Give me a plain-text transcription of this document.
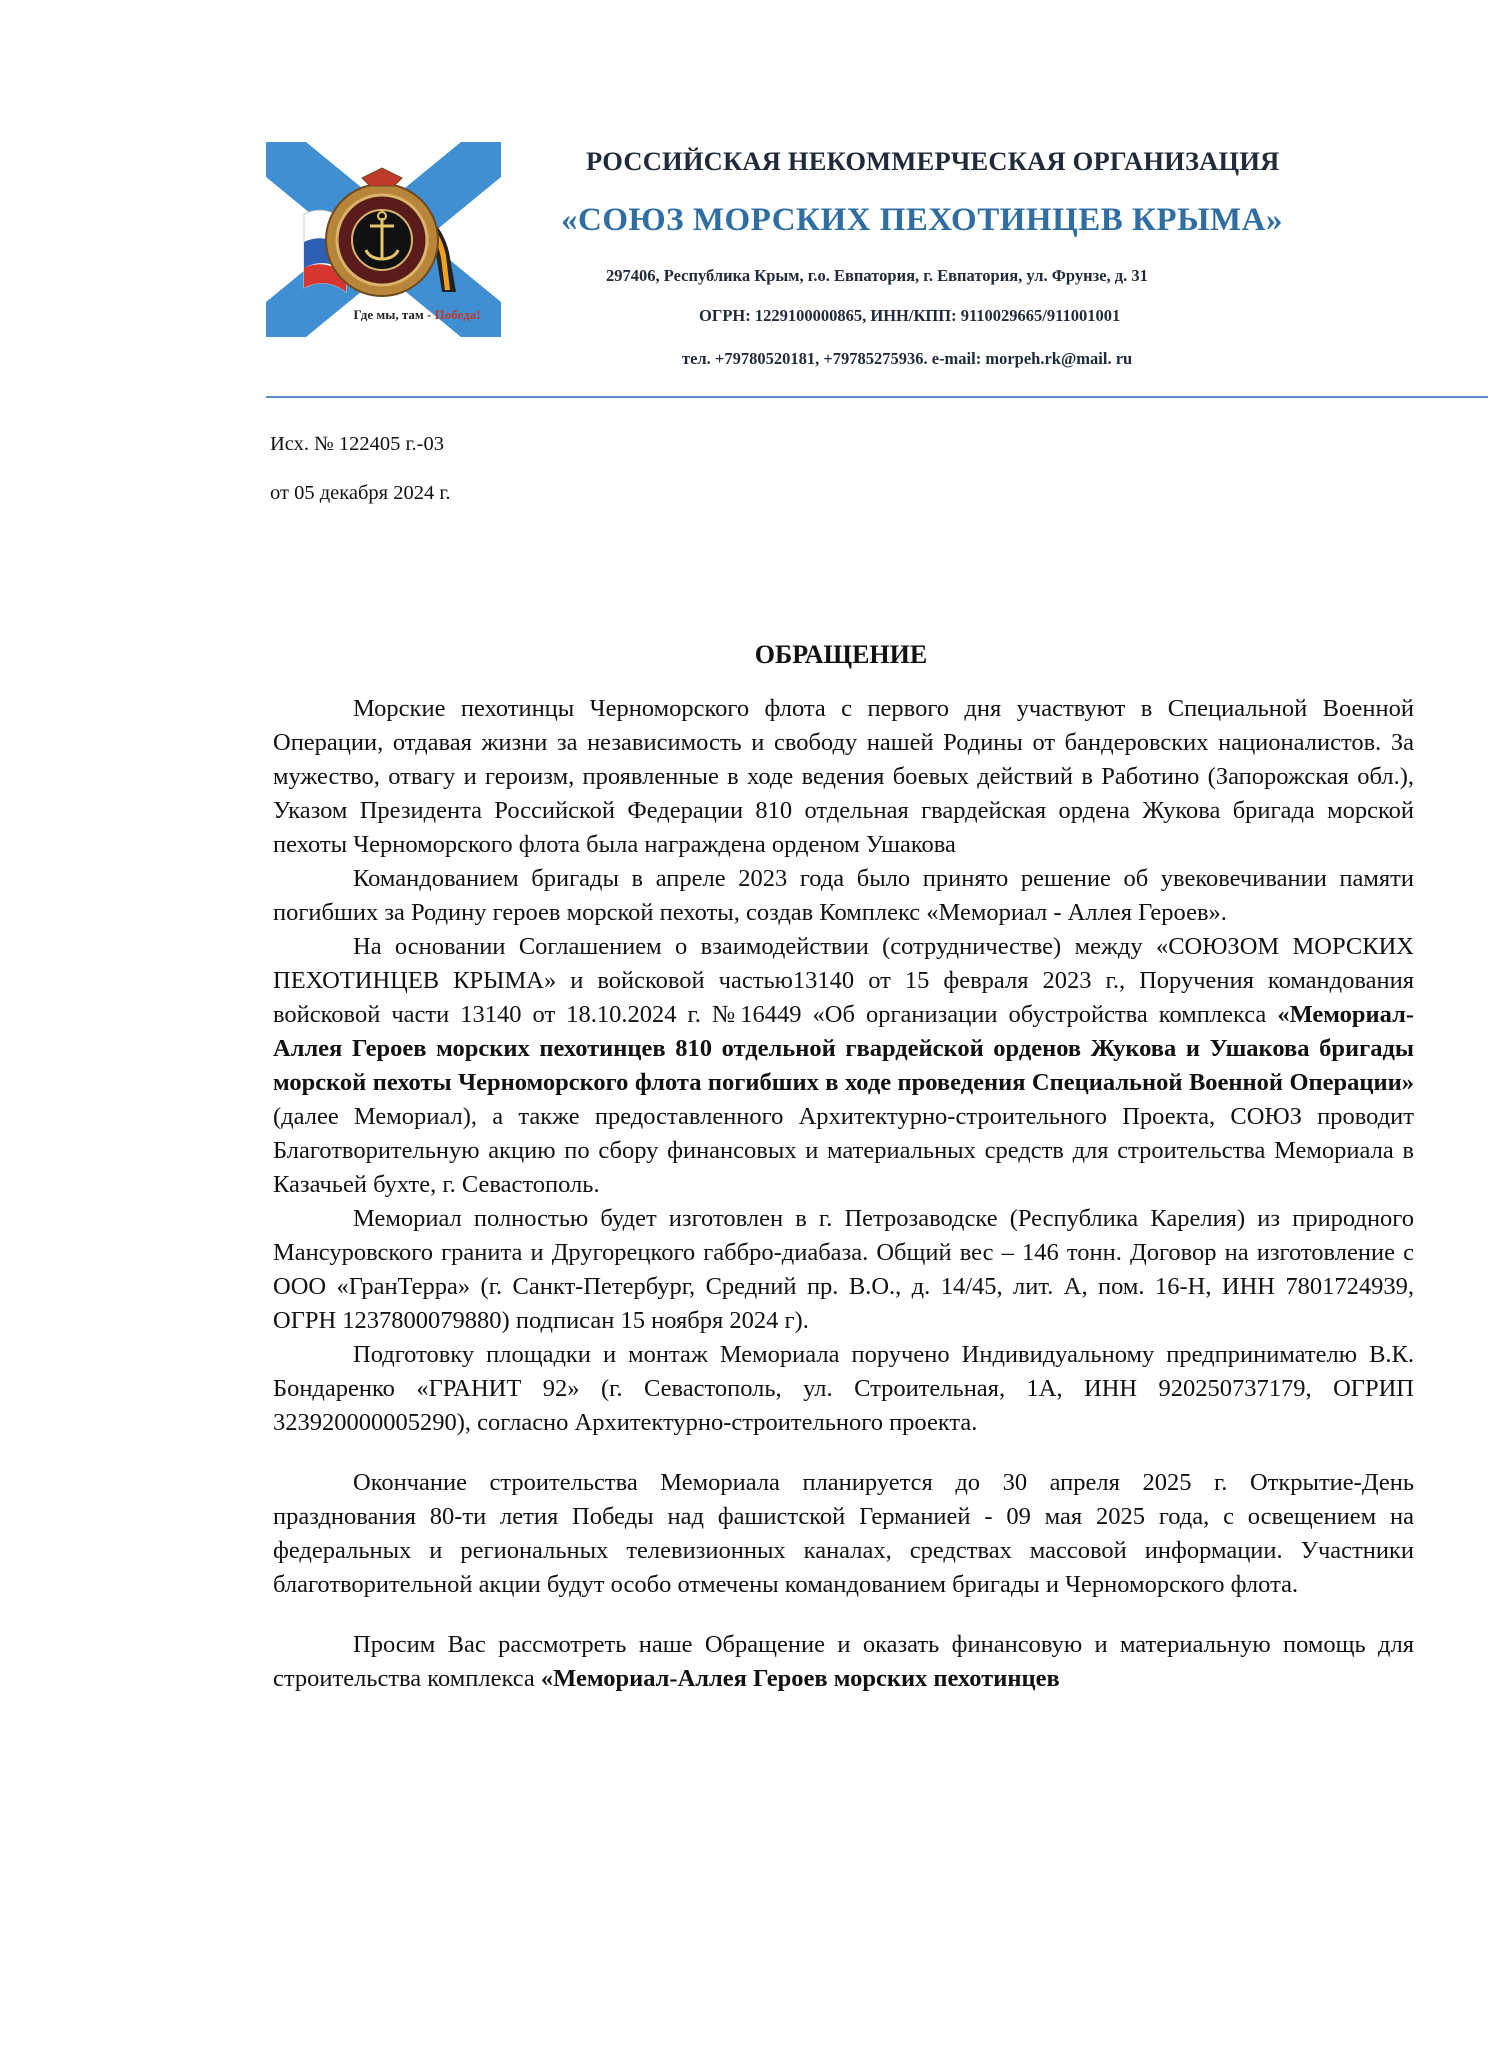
Где мы, там - Победа!
РОССИЙСКАЯ НЕКОММЕРЧЕСКАЯ ОРГАНИЗАЦИЯ
«СОЮЗ МОРСКИХ ПЕХОТИНЦЕВ КРЫМА»
297406, Республика Крым, г.о. Евпатория, г. Евпатория, ул. Фрунзе, д. 31
ОГРН: 1229100000865, ИНН/КПП: 9110029665/911001001
тел. +79780520181, +79785275936. e-mail: morpeh.rk@mail. ru
Исх. № 122405 г.-03
от 05 декабря 2024 г.
ОБРАЩЕНИЕ

Морские пехотинцы Черноморского флота с первого дня участвуют в Специальной Военной Операции, отдавая жизни за независимость и свободу нашей Родины от бандеровских националистов. За мужество, отвагу и героизм, проявленные в ходе ведения боевых действий в Работино (Запорожская обл.), Указом Президента Российской Федерации 810 отдельная гвардейская ордена Жукова бригада морской пехоты Черноморского флота была награждена орденом Ушакова

Командованием бригады в апреле 2023 года было принято решение об увековечивании памяти погибших за Родину героев морской пехоты, создав Комплекс «Мемориал - Аллея Героев».

На основании Соглашением о взаимодействии (сотрудничестве) между «СОЮЗОМ МОРСКИХ ПЕХОТИНЦЕВ КРЫМА» и войсковой частью13140 от 15 февраля 2023 г., Поручения командования войсковой части 13140 от 18.10.2024 г. №16449 «Об организации обустройства комплекса «Мемориал-Аллея Героев морских пехотинцев 810 отдельной гвардейской орденов Жукова и Ушакова бригады морской пехоты Черноморского флота погибших в ходе проведения Специальной Военной Операции» (далее Мемориал), а также предоставленного Архитектурно-строительного Проекта, СОЮЗ проводит Благотворительную акцию по сбору финансовых и материальных средств для строительства Мемориала в Казачьей бухте, г. Севастополь.

Мемориал полностью будет изготовлен в г. Петрозаводске (Республика Карелия) из природного Мансуровского гранита и Другорецкого габбро-диабаза. Общий вес – 146 тонн. Договор на изготовление с ООО «ГранТерра» (г. Санкт-Петербург, Средний пр. В.О., д. 14/45, лит. А, пом. 16-Н, ИНН 7801724939, ОГРН 1237800079880) подписан 15 ноября 2024 г).

Подготовку площадки и монтаж Мемориала поручено Индивидуальному предпринимателю В.К. Бондаренко «ГРАНИТ 92» (г. Севастополь, ул. Строительная, 1А, ИНН 920250737179, ОГРИП 323920000005290), согласно Архитектурно-строительного проекта.

Окончание строительства Мемориала планируется до 30 апреля 2025 г. Открытие-День празднования 80-ти летия Победы над фашистской Германией - 09 мая 2025 года, с освещением на федеральных и региональных телевизионных каналах, средствах массовой информации. Участники благотворительной акции будут особо отмечены командованием бригады и Черноморского флота.

Просим Вас рассмотреть наше Обращение и оказать финансовую и материальную помощь для строительства комплекса «Мемориал-Аллея Героев морских пехотинцев
